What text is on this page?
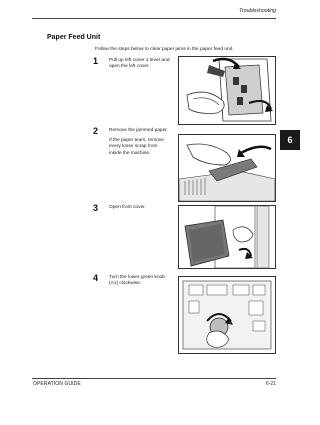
Troubleshooting
Paper Feed Unit
Follow the steps below to clear paper jams in the paper feed unit.
1 Pull up left cover 1 lever and open the left cover.

2 Remove the jammed paper.

If the paper tears, remove every loose scrap from inside the machine.

3 Open front cover.

4 Turn the lower green knob (A1) clockwise.

6
OPERATION GUIDE	6-21
